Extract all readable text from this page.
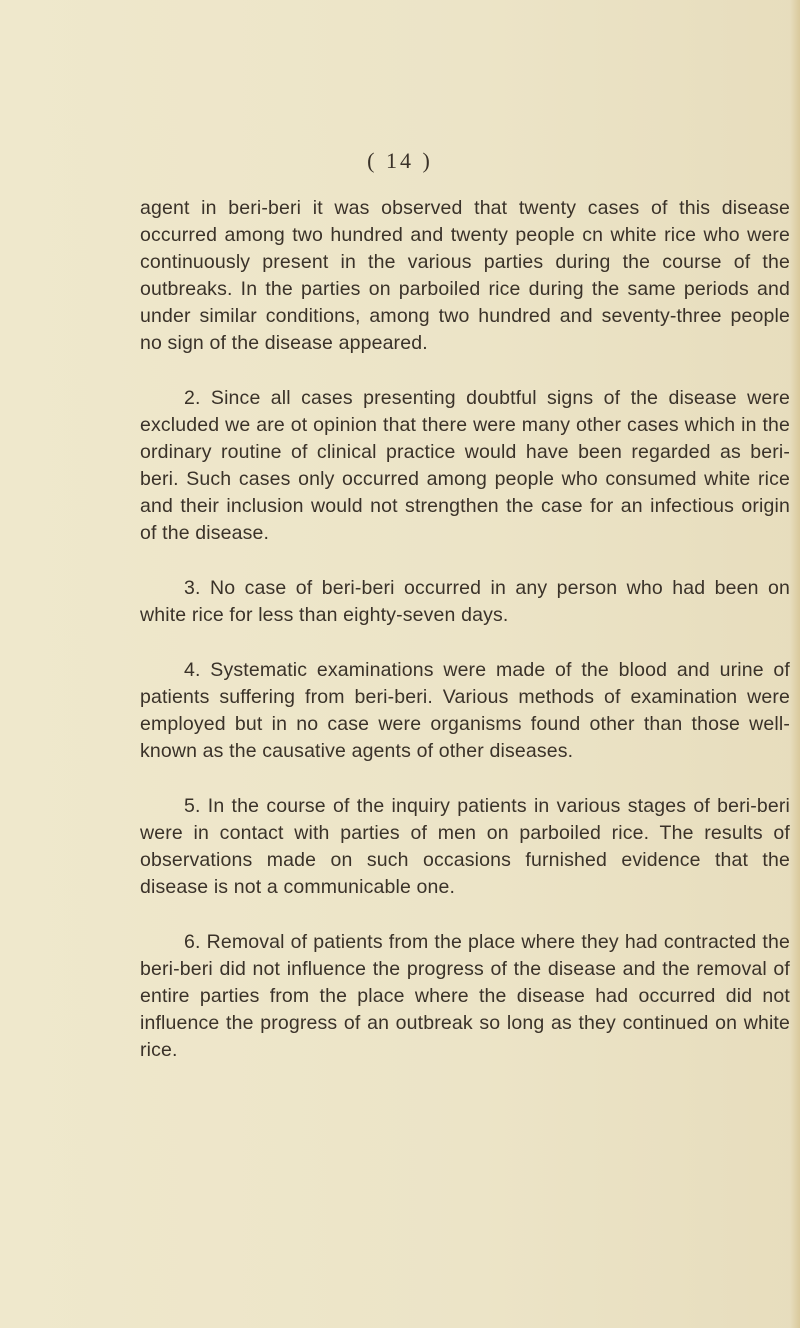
( 14 )

agent in beri-beri it was observed that twenty cases of this disease occurred among two hundred and twenty people cn white rice who were continuously present in the various parties during the course of the outbreaks. In the parties on parboiled rice during the same periods and under similar conditions, among two hundred and seventy-three people no sign of the disease appeared.

2. Since all cases presenting doubtful signs of the disease were excluded we are ot opinion that there were many other cases which in the ordinary routine of clinical practice would have been regarded as beri-beri. Such cases only occurred among people who consumed white rice and their inclusion would not strengthen the case for an infectious origin of the disease.

3. No case of beri-beri occurred in any person who had been on white rice for less than eighty-seven days.

4. Systematic examinations were made of the blood and urine of patients suffering from beri-beri. Various methods of examination were employed but in no case were organisms found other than those well-known as the causative agents of other diseases.

5. In the course of the inquiry patients in various stages of beri-beri were in contact with parties of men on parboiled rice. The results of observations made on such occasions furnished evidence that the disease is not a communicable one.

6. Removal of patients from the place where they had contracted the beri-beri did not influence the progress of the disease and the removal of entire parties from the place where the disease had occurred did not influence the progress of an outbreak so long as they continued on white rice.
